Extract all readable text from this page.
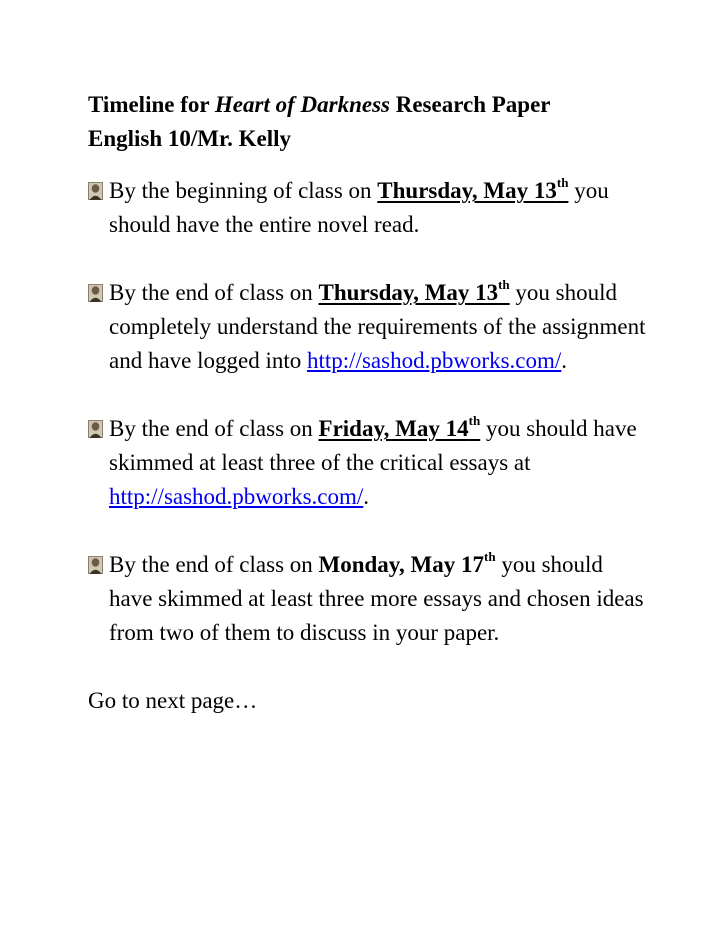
Timeline for Heart of Darkness Research Paper
English 10/Mr. Kelly
By the beginning of class on Thursday, May 13th you should have the entire novel read.
By the end of class on Thursday, May 13th you should completely understand the requirements of the assignment and have logged into http://sashod.pbworks.com/.
By the end of class on Friday, May 14th you should have skimmed at least three of the critical essays at http://sashod.pbworks.com/.
By the end of class on Monday, May 17th you should have skimmed at least three more essays and chosen ideas from two of them to discuss in your paper.

Go to next page…
